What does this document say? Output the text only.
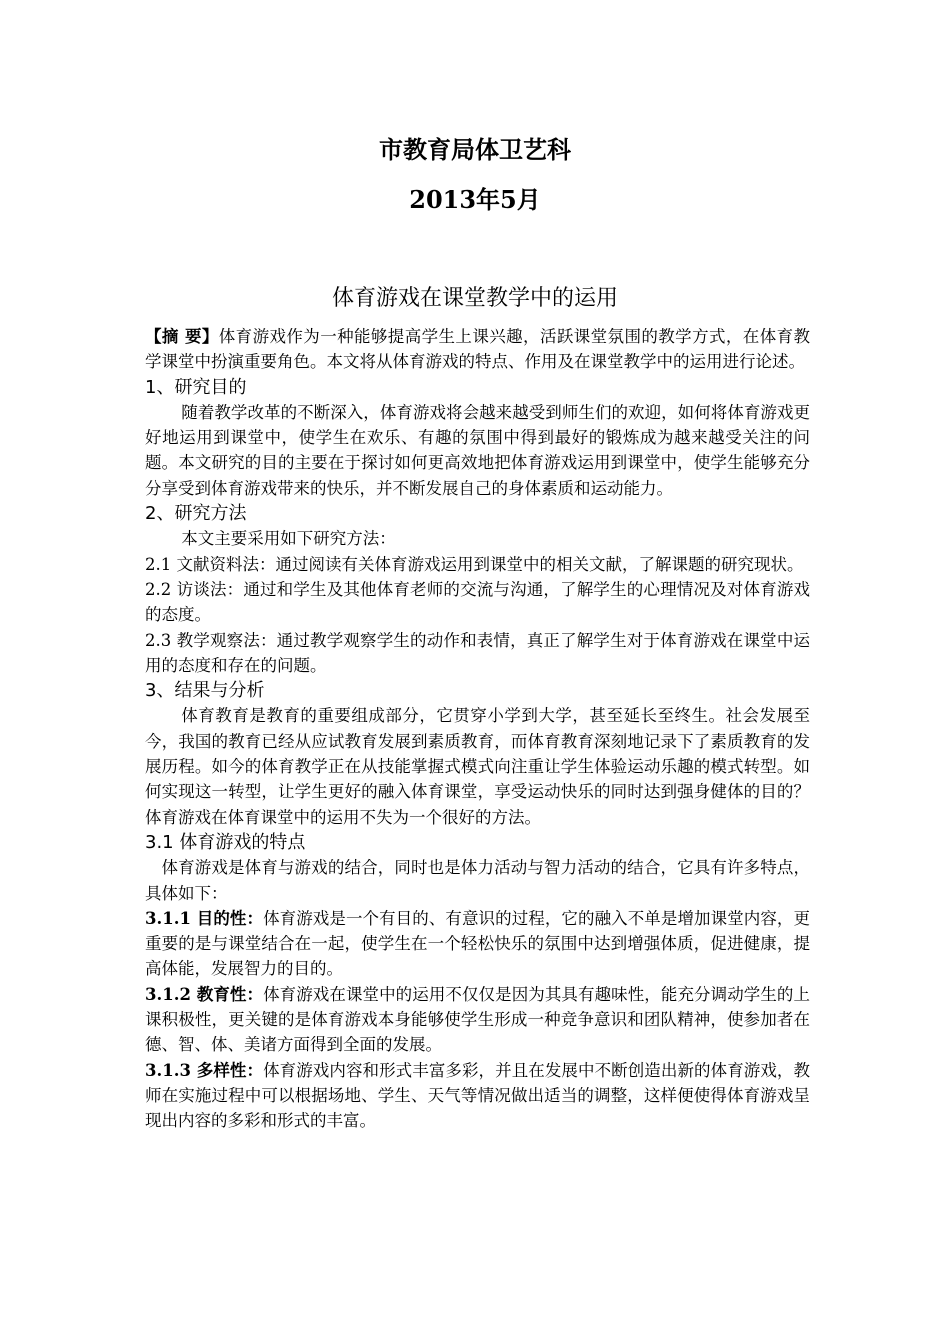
市教育局体卫艺科
2013年5月
体育游戏在课堂教学中的运用

【摘 要】体育游戏作为一种能够提高学生上课兴趣，活跃课堂氛围的教学方式，在体育教学课堂中扮演重要角色。本文将从体育游戏的特点、作用及在课堂教学中的运用进行论述。

1、研究目的

随着教学改革的不断深入，体育游戏将会越来越受到师生们的欢迎，如何将体育游戏更好地运用到课堂中，使学生在欢乐、有趣的氛围中得到最好的锻炼成为越来越受关注的问题。本文研究的目的主要在于探讨如何更高效地把体育游戏运用到课堂中，使学生能够充分分享受到体育游戏带来的快乐，并不断发展自己的身体素质和运动能力。

2、研究方法

本文主要采用如下研究方法：

2.1 文献资料法：通过阅读有关体育游戏运用到课堂中的相关文献，了解课题的研究现状。

2.2 访谈法：通过和学生及其他体育老师的交流与沟通，了解学生的心理情况及对体育游戏的态度。

2.3 教学观察法：通过教学观察学生的动作和表情，真正了解学生对于体育游戏在课堂中运用的态度和存在的问题。

3、结果与分析

体育教育是教育的重要组成部分，它贯穿小学到大学，甚至延长至终生。社会发展至今，我国的教育已经从应试教育发展到素质教育，而体育教育深刻地记录下了素质教育的发展历程。如今的体育教学正在从技能掌握式模式向注重让学生体验运动乐趣的模式转型。如何实现这一转型，让学生更好的融入体育课堂，享受运动快乐的同时达到强身健体的目的？体育游戏在体育课堂中的运用不失为一个很好的方法。

3.1 体育游戏的特点

体育游戏是体育与游戏的结合，同时也是体力活动与智力活动的结合，它具有许多特点，具体如下：

3.1.1 目的性：体育游戏是一个有目的、有意识的过程，它的融入不单是增加课堂内容，更重要的是与课堂结合在一起，使学生在一个轻松快乐的氛围中达到增强体质，促进健康，提高体能，发展智力的目的。

3.1.2 教育性：体育游戏在课堂中的运用不仅仅是因为其具有趣味性，能充分调动学生的上课积极性，更关键的是体育游戏本身能够使学生形成一种竞争意识和团队精神，使参加者在德、智、体、美诸方面得到全面的发展。

3.1.3 多样性：体育游戏内容和形式丰富多彩，并且在发展中不断创造出新的体育游戏，教师在实施过程中可以根据场地、学生、天气等情况做出适当的调整，这样便使得体育游戏呈现出内容的多彩和形式的丰富。
